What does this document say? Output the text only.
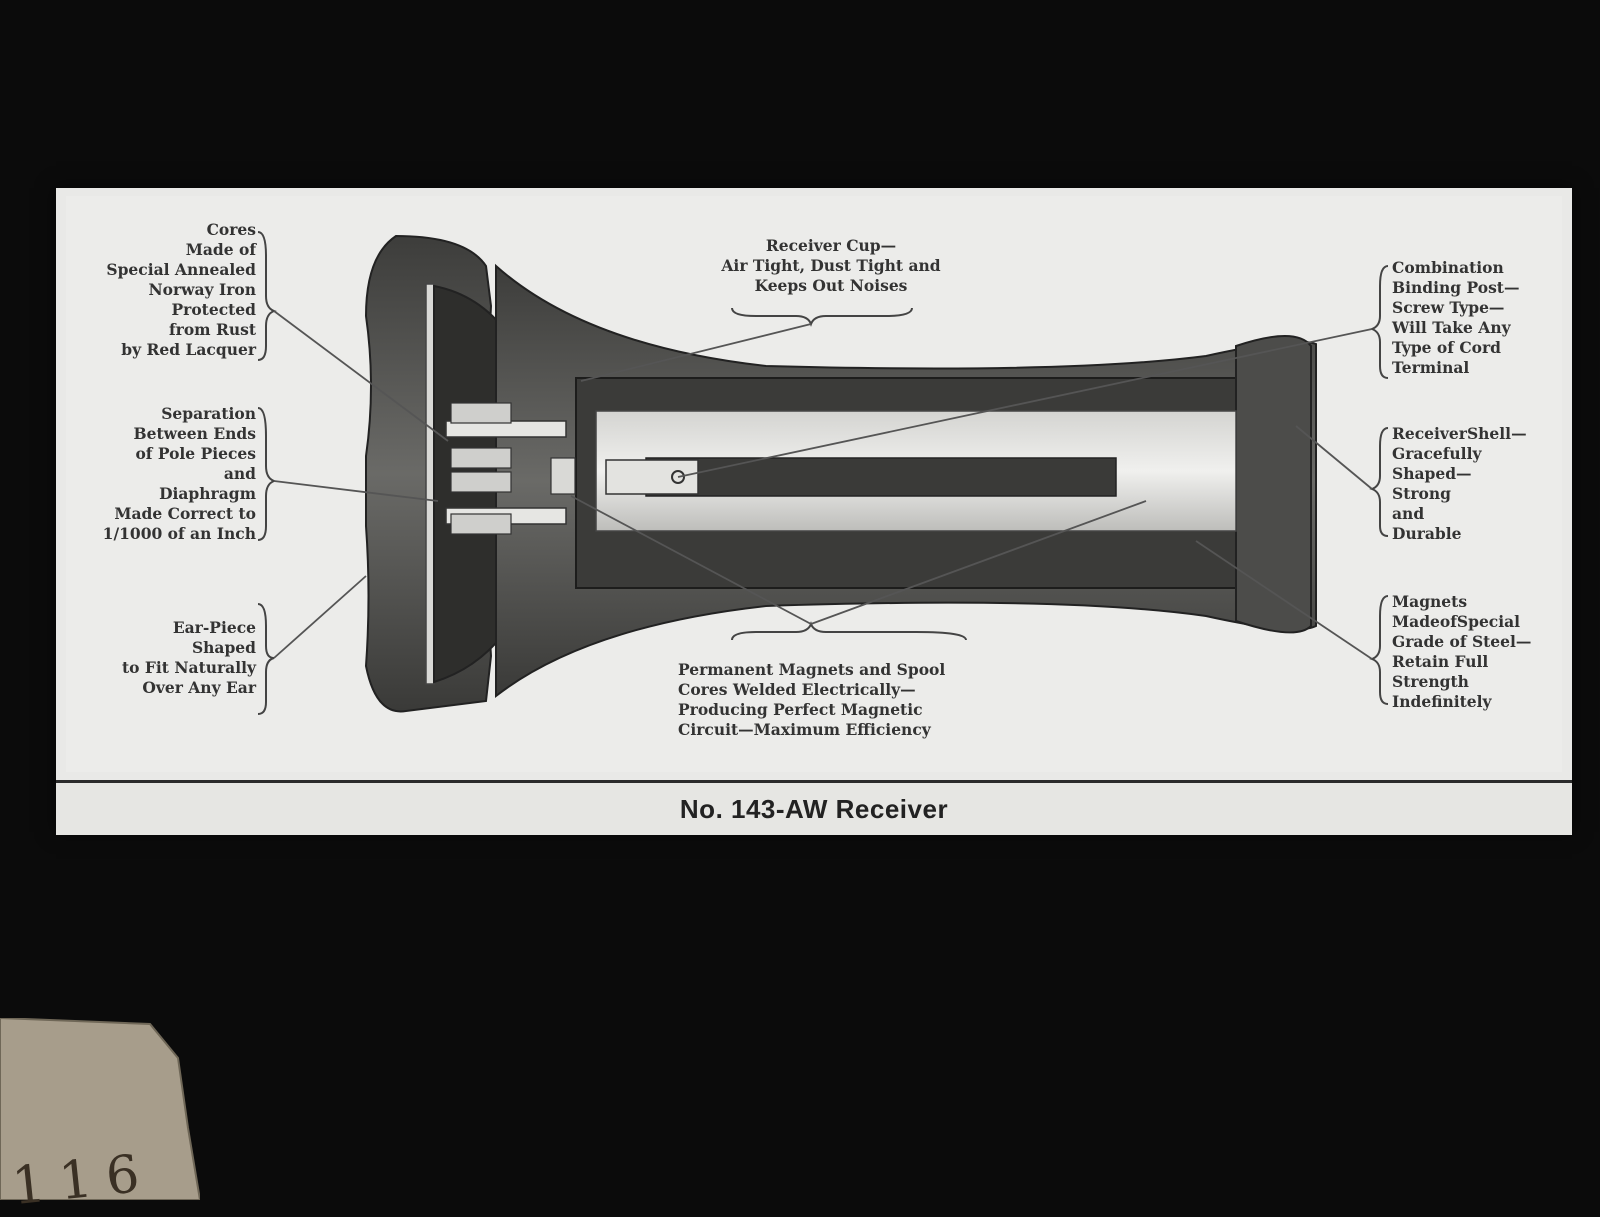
116
Cores
Made of
Special Annealed
Norway Iron
Protected
from Rust
by Red Lacquer
Separation
Between Ends
of Pole Pieces
and
Diaphragm
Made Correct to
1/1000 of an Inch
Ear-Piece
Shaped
to Fit Naturally
Over Any Ear
Receiver Cup—
Air Tight, Dust Tight and
Keeps Out Noises
Permanent Magnets and Spool
Cores Welded Electrically—
Producing Perfect Magnetic
Circuit—Maximum Efficiency
Combination
Binding Post—
Screw Type—
Will Take Any
Type of Cord
Terminal
ReceiverShell—
Gracefully
Shaped—
Strong
and
Durable
Magnets
MadeofSpecial
Grade of Steel—
Retain Full
Strength
Indefinitely
No. 143-AW Receiver
